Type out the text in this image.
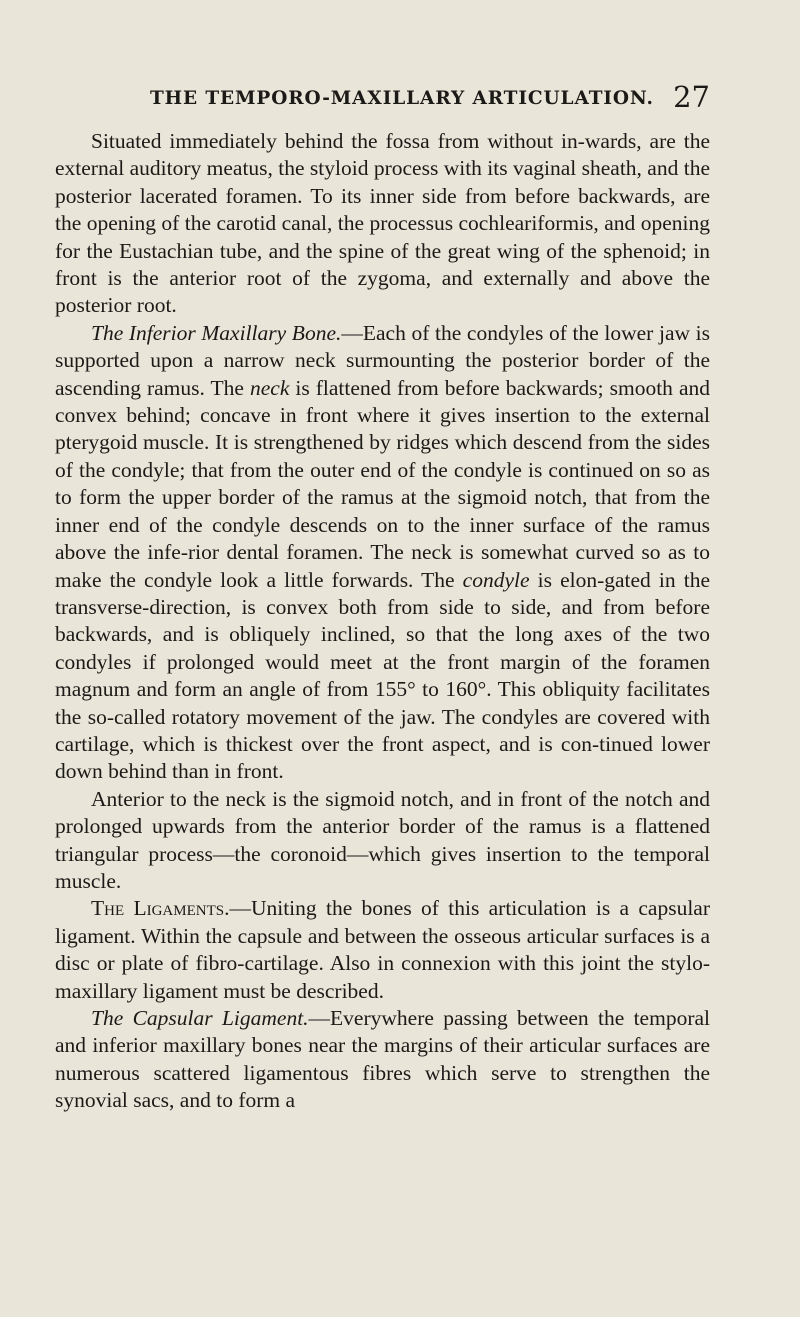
THE TEMPORO-MAXILLARY ARTICULATION. 27

Situated immediately behind the fossa from without in-wards, are the external auditory meatus, the styloid process with its vaginal sheath, and the posterior lacerated foramen. To its inner side from before backwards, are the opening of the carotid canal, the processus cochleariformis, and opening for the Eustachian tube, and the spine of the great wing of the sphenoid; in front is the anterior root of the zygoma, and externally and above the posterior root.

The Inferior Maxillary Bone.—Each of the condyles of the lower jaw is supported upon a narrow neck surmounting the posterior border of the ascending ramus. The neck is flattened from before backwards; smooth and convex behind; concave in front where it gives insertion to the external pterygoid muscle. It is strengthened by ridges which descend from the sides of the condyle; that from the outer end of the condyle is continued on so as to form the upper border of the ramus at the sigmoid notch, that from the inner end of the condyle descends on to the inner surface of the ramus above the infe-rior dental foramen. The neck is somewhat curved so as to make the condyle look a little forwards. The condyle is elon-gated in the transverse-direction, is convex both from side to side, and from before backwards, and is obliquely inclined, so that the long axes of the two condyles if prolonged would meet at the front margin of the foramen magnum and form an angle of from 155° to 160°. This obliquity facilitates the so-called rotatory movement of the jaw. The condyles are covered with cartilage, which is thickest over the front aspect, and is con-tinued lower down behind than in front.

Anterior to the neck is the sigmoid notch, and in front of the notch and prolonged upwards from the anterior border of the ramus is a flattened triangular process—the coronoid—which gives insertion to the temporal muscle.

The Ligaments.—Uniting the bones of this articulation is a capsular ligament. Within the capsule and between the osseous articular surfaces is a disc or plate of fibro-cartilage. Also in connexion with this joint the stylo-maxillary ligament must be described.

The Capsular Ligament.—Everywhere passing between the temporal and inferior maxillary bones near the margins of their articular surfaces are numerous scattered ligamentous fibres which serve to strengthen the synovial sacs, and to form a
